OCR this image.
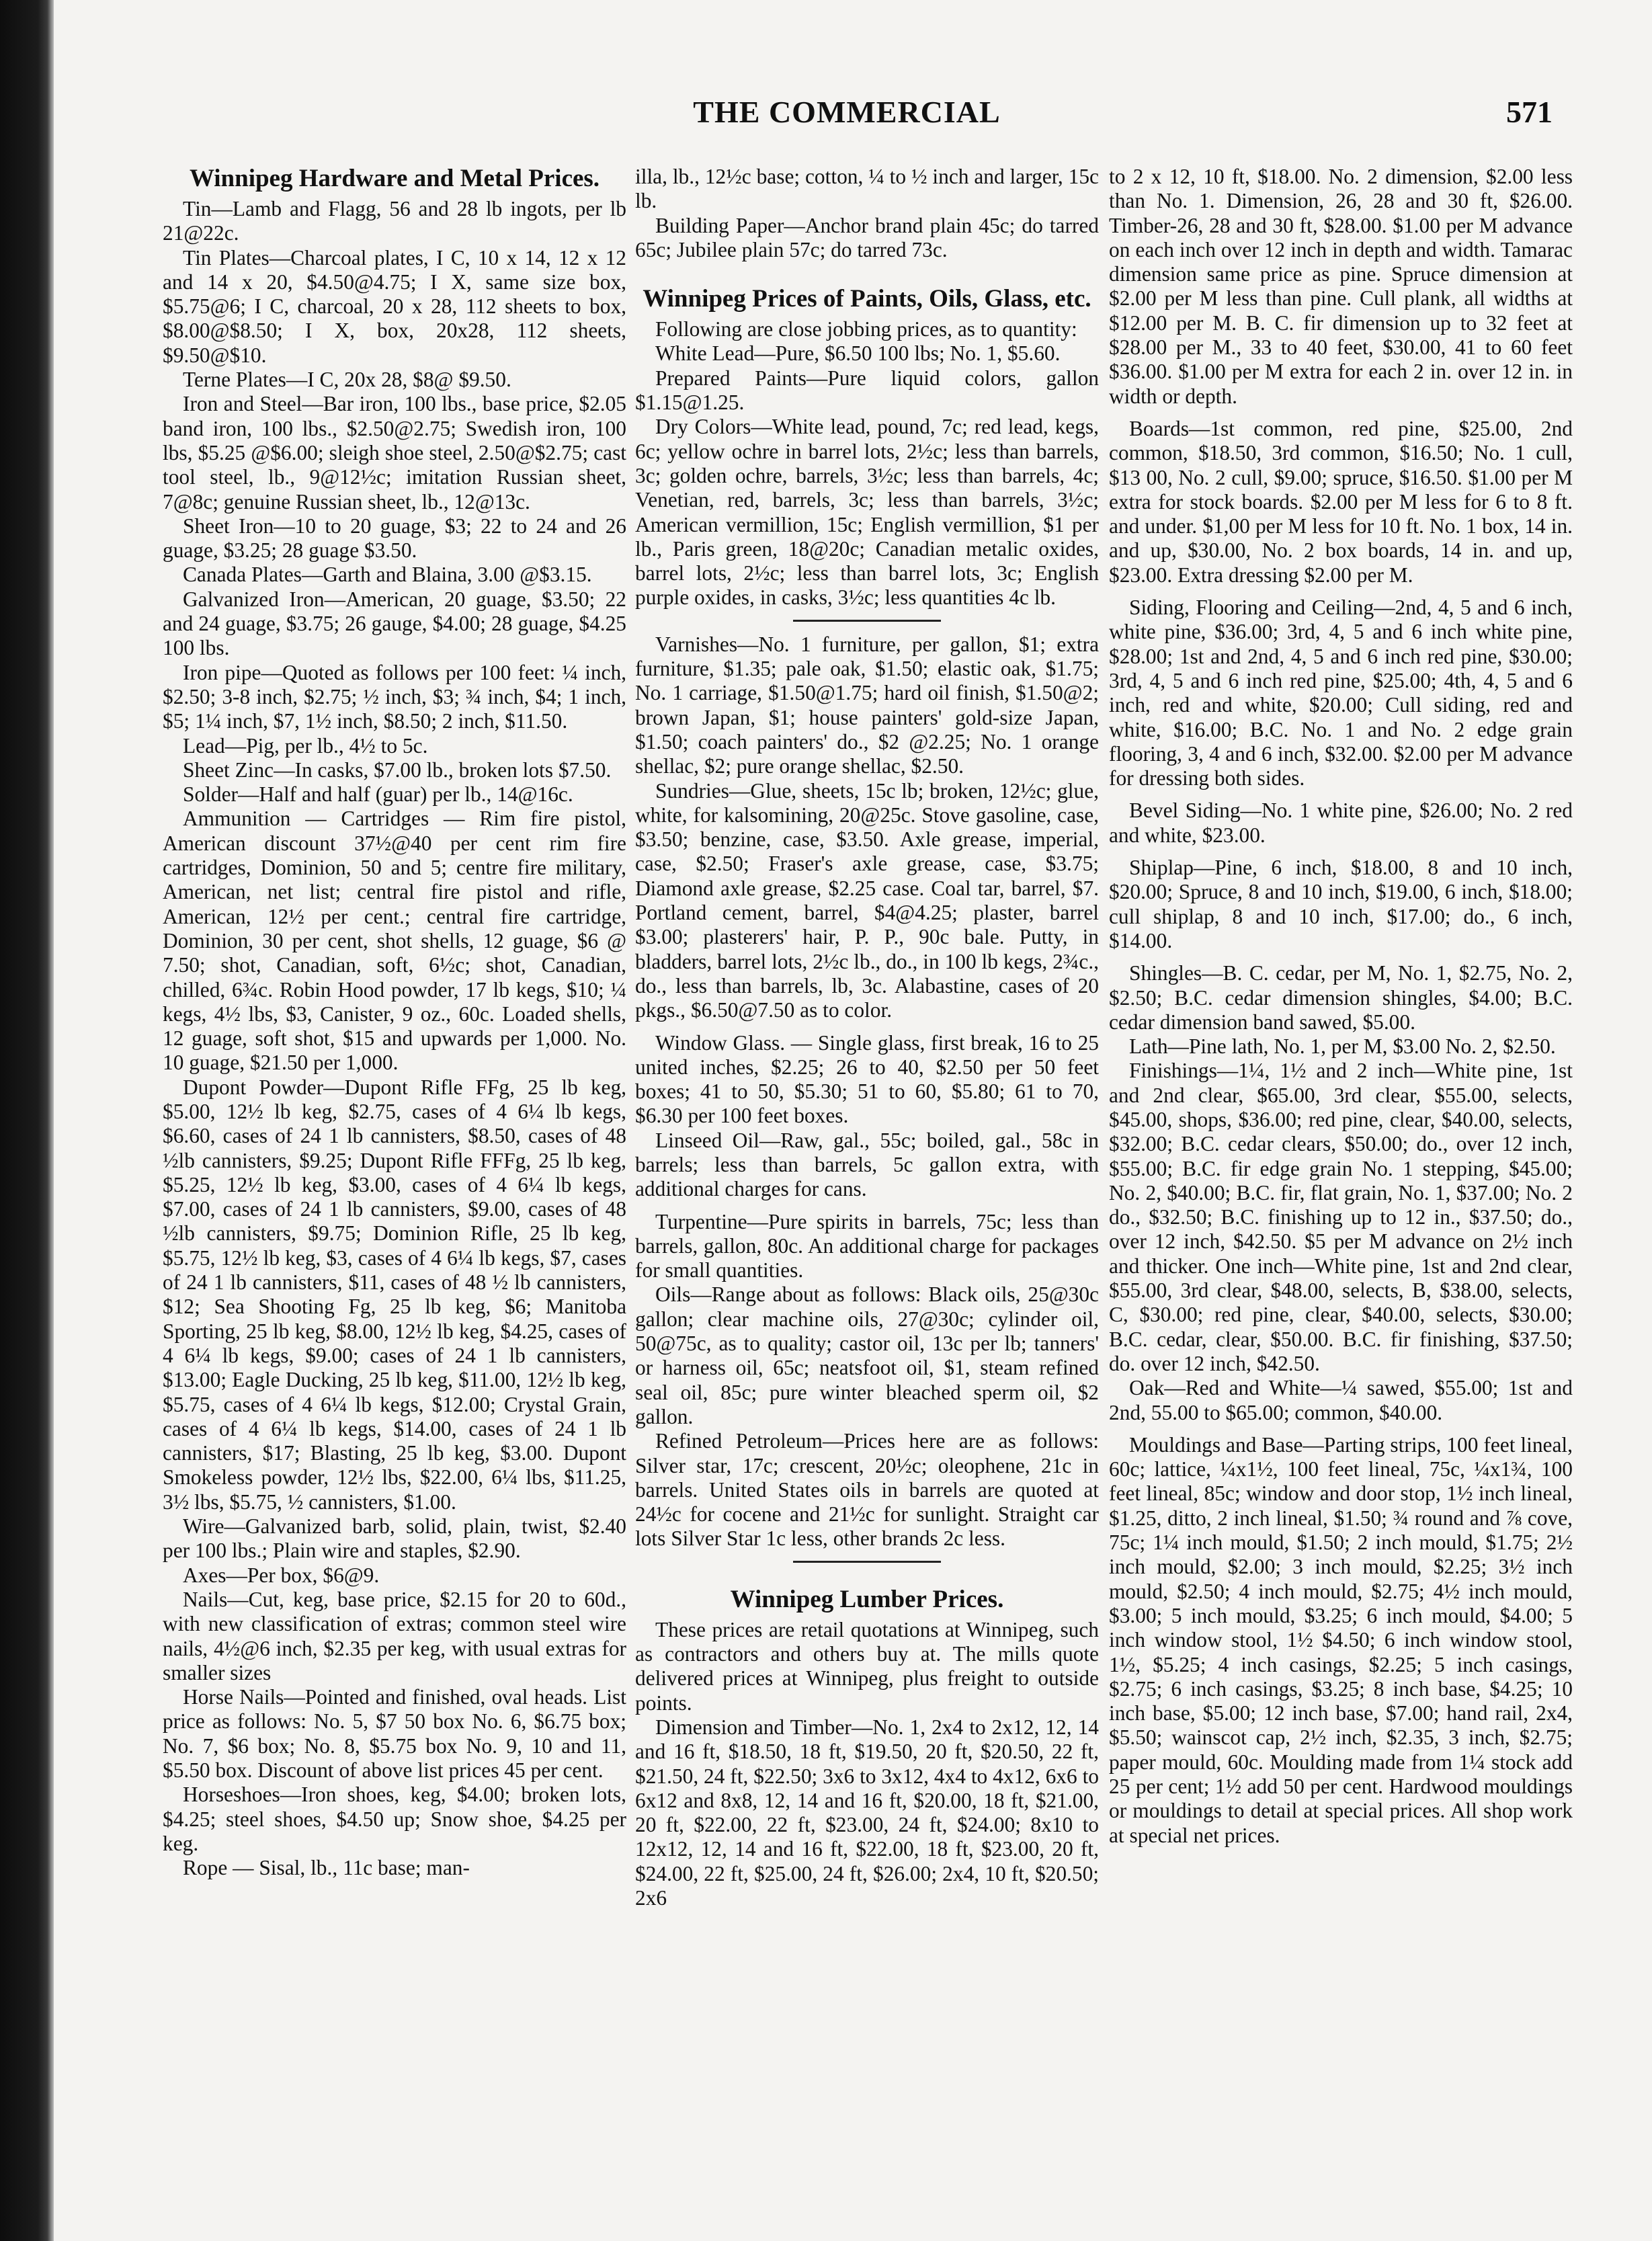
THE COMMERCIAL	571
Winnipeg Hardware and Metal Prices.

Tin—Lamb and Flagg, 56 and 28 lb ingots, per lb 21@22c.

Tin Plates—Charcoal plates, I C, 10 x 14, 12 x 12 and 14 x 20, $4.50@4.75; I X, same size box, $5.75@6; I C, charcoal, 20 x 28, 112 sheets to box, $8.00@$8.50; I X, box, 20x28, 112 sheets, $9.50@$10.

Terne Plates—I C, 20x 28, $8@ $9.50.

Iron and Steel—Bar iron, 100 lbs., base price, $2.05 band iron, 100 lbs., $2.50@2.75; Swedish iron, 100 lbs, $5.25 @$6.00; sleigh shoe steel, 2.50@$2.75; cast tool steel, lb., 9@12½c; imitation Russian sheet, 7@8c; genuine Russian sheet, lb., 12@13c.

Sheet Iron—10 to 20 guage, $3; 22 to 24 and 26 guage, $3.25; 28 guage $3.50.

Canada Plates—Garth and Blaina, 3.00 @$3.15.

Galvanized Iron—American, 20 guage, $3.50; 22 and 24 guage, $3.75; 26 gauge, $4.00; 28 guage, $4.25 100 lbs.

Iron pipe—Quoted as follows per 100 feet: ¼ inch, $2.50; 3-8 inch, $2.75; ½ inch, $3; ¾ inch, $4; 1 inch, $5; 1¼ inch, $7, 1½ inch, $8.50; 2 inch, $11.50.

Lead—Pig, per lb., 4½ to 5c.

Sheet Zinc—In casks, $7.00 lb., broken lots $7.50.

Solder—Half and half (guar) per lb., 14@16c.

Ammunition — Cartridges — Rim fire pistol, American discount 37½@40 per cent rim fire cartridges, Dominion, 50 and 5; centre fire military, American, net list; central fire pistol and rifle, American, 12½ per cent.; central fire cartridge, Dominion, 30 per cent, shot shells, 12 guage, $6 @ 7.50; shot, Canadian, soft, 6½c; shot, Canadian, chilled, 6¾c. Robin Hood powder, 17 lb kegs, $10; ¼ kegs, 4½ lbs, $3, Canister, 9 oz., 60c. Loaded shells, 12 guage, soft shot, $15 and upwards per 1,000. No. 10 guage, $21.50 per 1,000.

Dupont Powder—Dupont Rifle FFg, 25 lb keg, $5.00, 12½ lb keg, $2.75, cases of 4 6¼ lb kegs, $6.60, cases of 24 1 lb cannisters, $8.50, cases of 48 ½lb cannisters, $9.25; Dupont Rifle FFFg, 25 lb keg, $5.25, 12½ lb keg, $3.00, cases of 4 6¼ lb kegs, $7.00, cases of 24 1 lb cannisters, $9.00, cases of 48 ½lb cannisters, $9.75; Dominion Rifle, 25 lb keg, $5.75, 12½ lb keg, $3, cases of 4 6¼ lb kegs, $7, cases of 24 1 lb cannisters, $11, cases of 48 ½ lb cannisters, $12; Sea Shooting Fg, 25 lb keg, $6; Manitoba Sporting, 25 lb keg, $8.00, 12½ lb keg, $4.25, cases of 4 6¼ lb kegs, $9.00; cases of 24 1 lb cannisters, $13.00; Eagle Ducking, 25 lb keg, $11.00, 12½ lb keg, $5.75, cases of 4 6¼ lb kegs, $12.00; Crystal Grain, cases of 4 6¼ lb kegs, $14.00, cases of 24 1 lb cannisters, $17; Blasting, 25 lb keg, $3.00. Dupont Smokeless powder, 12½ lbs, $22.00, 6¼ lbs, $11.25, 3½ lbs, $5.75, ½ cannisters, $1.00.

Wire—Galvanized barb, solid, plain, twist, $2.40 per 100 lbs.; Plain wire and staples, $2.90.

Axes—Per box, $6@9.

Nails—Cut, keg, base price, $2.15 for 20 to 60d., with new classification of extras; common steel wire nails, 4½@6 inch, $2.35 per keg, with usual extras for smaller sizes

Horse Nails—Pointed and finished, oval heads. List price as follows: No. 5, $7 50 box No. 6, $6.75 box; No. 7, $6 box; No. 8, $5.75 box No. 9, 10 and 11, $5.50 box. Discount of above list prices 45 per cent.

Horseshoes—Iron shoes, keg, $4.00; broken lots, $4.25; steel shoes, $4.50 up; Snow shoe, $4.25 per keg.

Rope — Sisal, lb., 11c base; man-

illa, lb., 12½c base; cotton, ¼ to ½ inch and larger, 15c lb.

Building Paper—Anchor brand plain 45c; do tarred 65c; Jubilee plain 57c; do tarred 73c.

Winnipeg Prices of Paints, Oils, Glass, etc.

Following are close jobbing prices, as to quantity:

White Lead—Pure, $6.50 100 lbs; No. 1, $5.60.

Prepared Paints—Pure liquid colors, gallon $1.15@1.25.

Dry Colors—White lead, pound, 7c; red lead, kegs, 6c; yellow ochre in barrel lots, 2½c; less than barrels, 3c; golden ochre, barrels, 3½c; less than barrels, 4c; Venetian, red, barrels, 3c; less than barrels, 3½c; American vermillion, 15c; English vermillion, $1 per lb., Paris green, 18@20c; Canadian metalic oxides, barrel lots, 2½c; less than barrel lots, 3c; English purple oxides, in casks, 3½c; less quantities 4c lb.

Varnishes—No. 1 furniture, per gallon, $1; extra furniture, $1.35; pale oak, $1.50; elastic oak, $1.75; No. 1 carriage, $1.50@1.75; hard oil finish, $1.50@2; brown Japan, $1; house painters' gold-size Japan, $1.50; coach painters' do., $2 @2.25; No. 1 orange shellac, $2; pure orange shellac, $2.50.

Sundries—Glue, sheets, 15c lb; broken, 12½c; glue, white, for kalsomining, 20@25c. Stove gasoline, case, $3.50; benzine, case, $3.50. Axle grease, imperial, case, $2.50; Fraser's axle grease, case, $3.75; Diamond axle grease, $2.25 case. Coal tar, barrel, $7. Portland cement, barrel, $4@4.25; plaster, barrel $3.00; plasterers' hair, P. P., 90c bale. Putty, in bladders, barrel lots, 2½c lb., do., in 100 lb kegs, 2¾c., do., less than barrels, lb, 3c. Alabastine, cases of 20 pkgs., $6.50@7.50 as to color.

Window Glass. — Single glass, first break, 16 to 25 united inches, $2.25; 26 to 40, $2.50 per 50 feet boxes; 41 to 50, $5.30; 51 to 60, $5.80; 61 to 70, $6.30 per 100 feet boxes.

Linseed Oil—Raw, gal., 55c; boiled, gal., 58c in barrels; less than barrels, 5c gallon extra, with additional charges for cans.

Turpentine—Pure spirits in barrels, 75c; less than barrels, gallon, 80c. An additional charge for packages for small quantities.

Oils—Range about as follows: Black oils, 25@30c gallon; clear machine oils, 27@30c; cylinder oil, 50@75c, as to quality; castor oil, 13c per lb; tanners' or harness oil, 65c; neatsfoot oil, $1, steam refined seal oil, 85c; pure winter bleached sperm oil, $2 gallon.

Refined Petroleum—Prices here are as follows: Silver star, 17c; crescent, 20½c; oleophene, 21c in barrels. United States oils in barrels are quoted at 24½c for cocene and 21½c for sunlight. Straight car lots Silver Star 1c less, other brands 2c less.

Winnipeg Lumber Prices.

These prices are retail quotations at Winnipeg, such as contractors and others buy at. The mills quote delivered prices at Winnipeg, plus freight to outside points.

Dimension and Timber—No. 1, 2x4 to 2x12, 12, 14 and 16 ft, $18.50, 18 ft, $19.50, 20 ft, $20.50, 22 ft, $21.50, 24 ft, $22.50; 3x6 to 3x12, 4x4 to 4x12, 6x6 to 6x12 and 8x8, 12, 14 and 16 ft, $20.00, 18 ft, $21.00, 20 ft, $22.00, 22 ft, $23.00, 24 ft, $24.00; 8x10 to 12x12, 12, 14 and 16 ft, $22.00, 18 ft, $23.00, 20 ft, $24.00, 22 ft, $25.00, 24 ft, $26.00; 2x4, 10 ft, $20.50; 2x6

to 2 x 12, 10 ft, $18.00. No. 2 dimension, $2.00 less than No. 1. Dimension, 26, 28 and 30 ft, $26.00. Timber-26, 28 and 30 ft, $28.00. $1.00 per M advance on each inch over 12 inch in depth and width. Tamarac dimension same price as pine. Spruce dimension at $2.00 per M less than pine. Cull plank, all widths at $12.00 per M. B. C. fir dimension up to 32 feet at $28.00 per M., 33 to 40 feet, $30.00, 41 to 60 feet $36.00. $1.00 per M extra for each 2 in. over 12 in. in width or depth.

Boards—1st common, red pine, $25.00, 2nd common, $18.50, 3rd common, $16.50; No. 1 cull, $13 00, No. 2 cull, $9.00; spruce, $16.50. $1.00 per M extra for stock boards. $2.00 per M less for 6 to 8 ft. and under. $1,00 per M less for 10 ft. No. 1 box, 14 in. and up, $30.00, No. 2 box boards, 14 in. and up, $23.00. Extra dressing $2.00 per M.

Siding, Flooring and Ceiling—2nd, 4, 5 and 6 inch, white pine, $36.00; 3rd, 4, 5 and 6 inch white pine, $28.00; 1st and 2nd, 4, 5 and 6 inch red pine, $30.00; 3rd, 4, 5 and 6 inch red pine, $25.00; 4th, 4, 5 and 6 inch, red and white, $20.00; Cull siding, red and white, $16.00; B.C. No. 1 and No. 2 edge grain flooring, 3, 4 and 6 inch, $32.00. $2.00 per M advance for dressing both sides.

Bevel Siding—No. 1 white pine, $26.00; No. 2 red and white, $23.00.

Shiplap—Pine, 6 inch, $18.00, 8 and 10 inch, $20.00; Spruce, 8 and 10 inch, $19.00, 6 inch, $18.00; cull shiplap, 8 and 10 inch, $17.00; do., 6 inch, $14.00.

Shingles—B. C. cedar, per M, No. 1, $2.75, No. 2, $2.50; B.C. cedar dimension shingles, $4.00; B.C. cedar dimension band sawed, $5.00.

Lath—Pine lath, No. 1, per M, $3.00 No. 2, $2.50.

Finishings—1¼, 1½ and 2 inch—White pine, 1st and 2nd clear, $65.00, 3rd clear, $55.00, selects, $45.00, shops, $36.00; red pine, clear, $40.00, selects, $32.00; B.C. cedar clears, $50.00; do., over 12 inch, $55.00; B.C. fir edge grain No. 1 stepping, $45.00; No. 2, $40.00; B.C. fir, flat grain, No. 1, $37.00; No. 2 do., $32.50; B.C. finishing up to 12 in., $37.50; do., over 12 inch, $42.50. $5 per M advance on 2½ inch and thicker. One inch—White pine, 1st and 2nd clear, $55.00, 3rd clear, $48.00, selects, B, $38.00, selects, C, $30.00; red pine, clear, $40.00, selects, $30.00; B.C. cedar, clear, $50.00. B.C. fir finishing, $37.50; do. over 12 inch, $42.50.

Oak—Red and White—¼ sawed, $55.00; 1st and 2nd, 55.00 to $65.00; common, $40.00.

Mouldings and Base—Parting strips, 100 feet lineal, 60c; lattice, ¼x1½, 100 feet lineal, 75c, ¼x1¾, 100 feet lineal, 85c; window and door stop, 1½ inch lineal, $1.25, ditto, 2 inch lineal, $1.50; ¾ round and ⅞ cove, 75c; 1¼ inch mould, $1.50; 2 inch mould, $1.75; 2½ inch mould, $2.00; 3 inch mould, $2.25; 3½ inch mould, $2.50; 4 inch mould, $2.75; 4½ inch mould, $3.00; 5 inch mould, $3.25; 6 inch mould, $4.00; 5 inch window stool, 1½ $4.50; 6 inch window stool, 1½, $5.25; 4 inch casings, $2.25; 5 inch casings, $2.75; 6 inch casings, $3.25; 8 inch base, $4.25; 10 inch base, $5.00; 12 inch base, $7.00; hand rail, 2x4, $5.50; wainscot cap, 2½ inch, $2.35, 3 inch, $2.75; paper mould, 60c. Moulding made from 1¼ stock add 25 per cent; 1½ add 50 per cent. Hardwood mouldings or mouldings to detail at special prices. All shop work at special net prices.
